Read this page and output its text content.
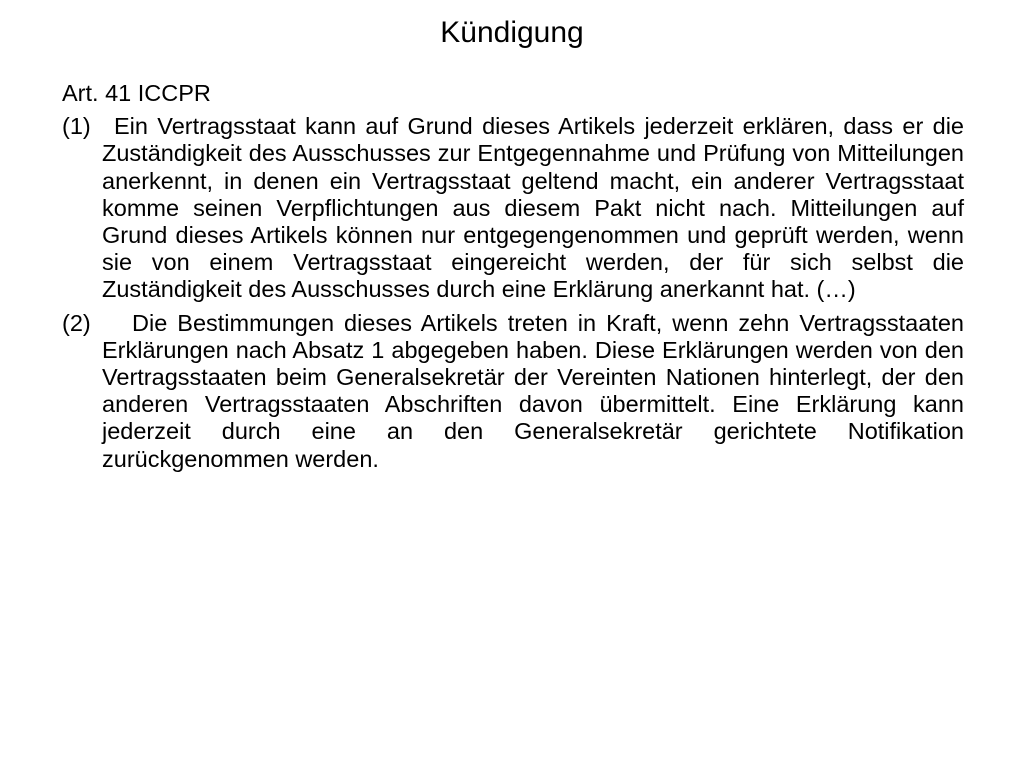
Kündigung
Art. 41 ICCPR
(1) Ein Vertragsstaat kann auf Grund dieses Artikels jederzeit erklären, dass er die Zuständigkeit des Ausschusses zur Entgegennahme und Prüfung von Mitteilungen anerkennt, in denen ein Vertragsstaat geltend macht, ein anderer Vertragsstaat komme seinen Verpflichtungen aus diesem Pakt nicht nach. Mitteilungen auf Grund dieses Artikels können nur entgegengenommen und geprüft werden, wenn sie von einem Vertragsstaat eingereicht werden, der für sich selbst die Zuständigkeit des Ausschusses durch eine Erklärung anerkannt hat. (…)
(2)	Die Bestimmungen dieses Artikels treten in Kraft, wenn zehn Vertragsstaaten Erklärungen nach Absatz 1 abgegeben haben. Diese Erklärungen werden von den Vertragsstaaten beim Generalsekretär der Vereinten Nationen hinterlegt, der den anderen Vertragsstaaten Abschriften davon übermittelt. Eine Erklärung kann jederzeit durch eine an den Generalsekretär gerichtete Notifikation zurückgenommen werden.
